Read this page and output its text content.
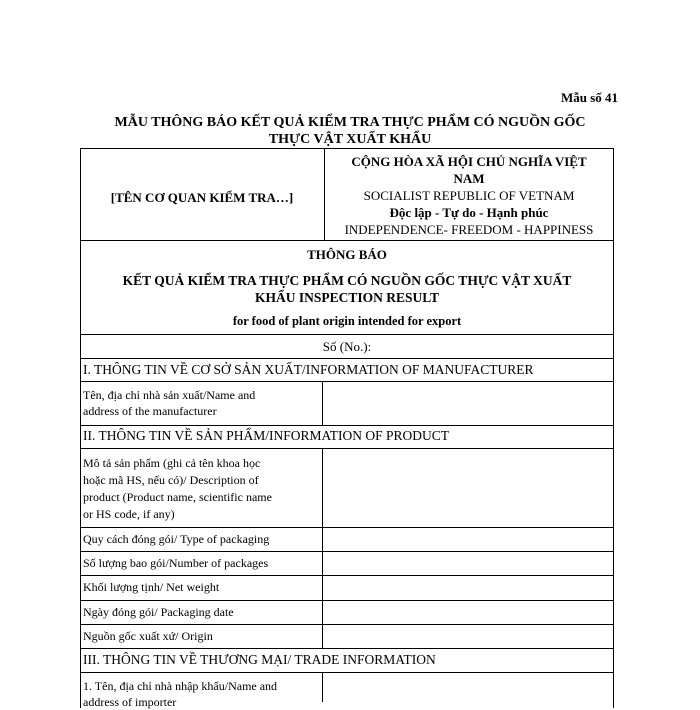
Mẫu số 41
MẪU THÔNG BÁO KẾT QUẢ KIỂM TRA THỰC PHẨM CÓ NGUỒN GỐC
THỰC VẬT XUẤT KHẨU
[TÊN CƠ QUAN KIỂM TRA…]
CỘNG HÒA XÃ HỘI CHỦ NGHĨA VIỆT
NAM
SOCIALIST REPUBLIC OF VETNAM
Độc lập - Tự do - Hạnh phúc
INDEPENDENCE- FREEDOM - HAPPINESS
THÔNG BÁO
KẾT QUẢ KIỂM TRA THỰC PHẨM CÓ NGUỒN GỐC THỰC VẬT XUẤT
KHẨU INSPECTION RESULT
for food of plant origin intended for export
Số (No.):
I. THÔNG TIN VỀ CƠ SỞ SẢN XUẤT/INFORMATION OF MANUFACTURER
Tên, địa chỉ nhà sản xuất/Name and
address of the manufacturer
II. THÔNG TIN VỀ SẢN PHẨM/INFORMATION OF PRODUCT
Mô tả sản phẩm (ghi cả tên khoa học
hoặc mã HS, nếu có)/ Description of
product (Product name, scientific name
or HS code, if any)
Quy cách đóng gói/ Type of packaging
Số lượng bao gói/Number of packages
Khối lượng tịnh/ Net weight
Ngày đóng gói/ Packaging date
Nguồn gốc xuất xứ/ Origin
III. THÔNG TIN VỀ THƯƠNG MẠI/ TRADE INFORMATION
1. Tên, địa chỉ nhà nhập khẩu/Name and
address of importer
